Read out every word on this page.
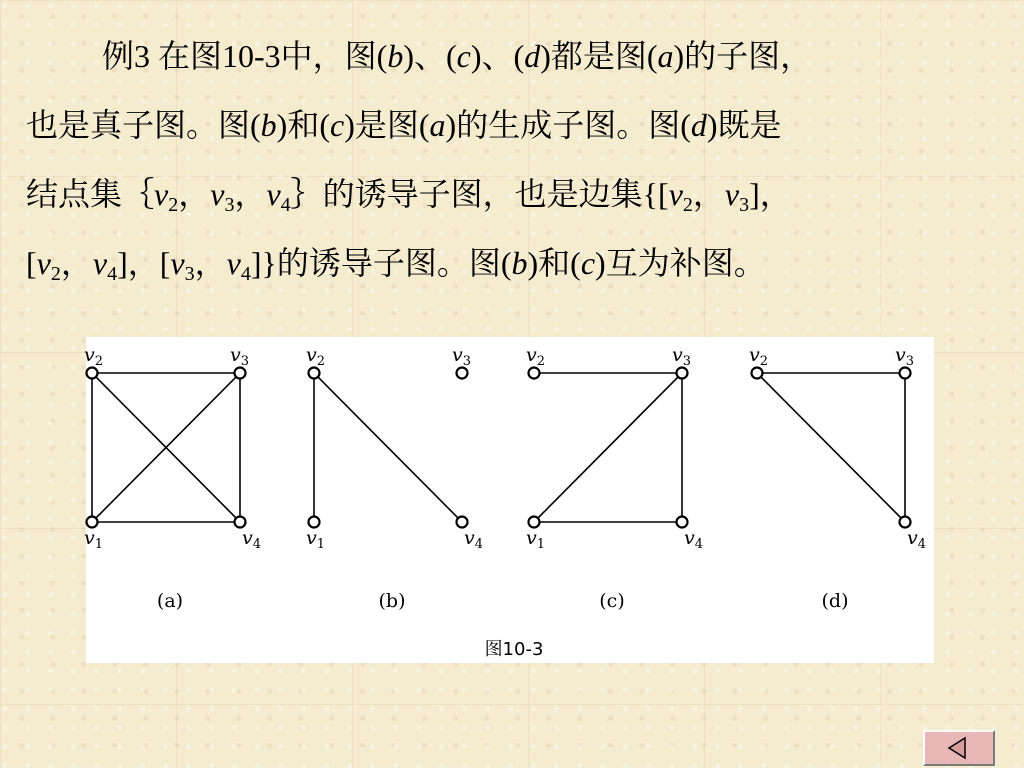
例3 在图10-3中，图(b)、(c)、(d)都是图(a)的子图，
也是真子图。图(b)和(c)是图(a)的生成子图。图(d)既是
结点集$\{v_2$，$v_3$，$v_4\}$的诱导子图，也是边集{[$v_2$，$v_3$]，
[$v_2$，$v_4$]，[$v_3$，$v_4$]}的诱导子图。图(b)和(c)互为补图。
图10-3
$v_1$
$v_2$	$v_3$
$v_4$
(a)
$v_1$
$v_2$	$v_3$
$v_4$
(b)
$v_1$
$v_2$	$v_3$
$v_4$
(c)
$v_2$	$v_3$
$v_4$
(d)
